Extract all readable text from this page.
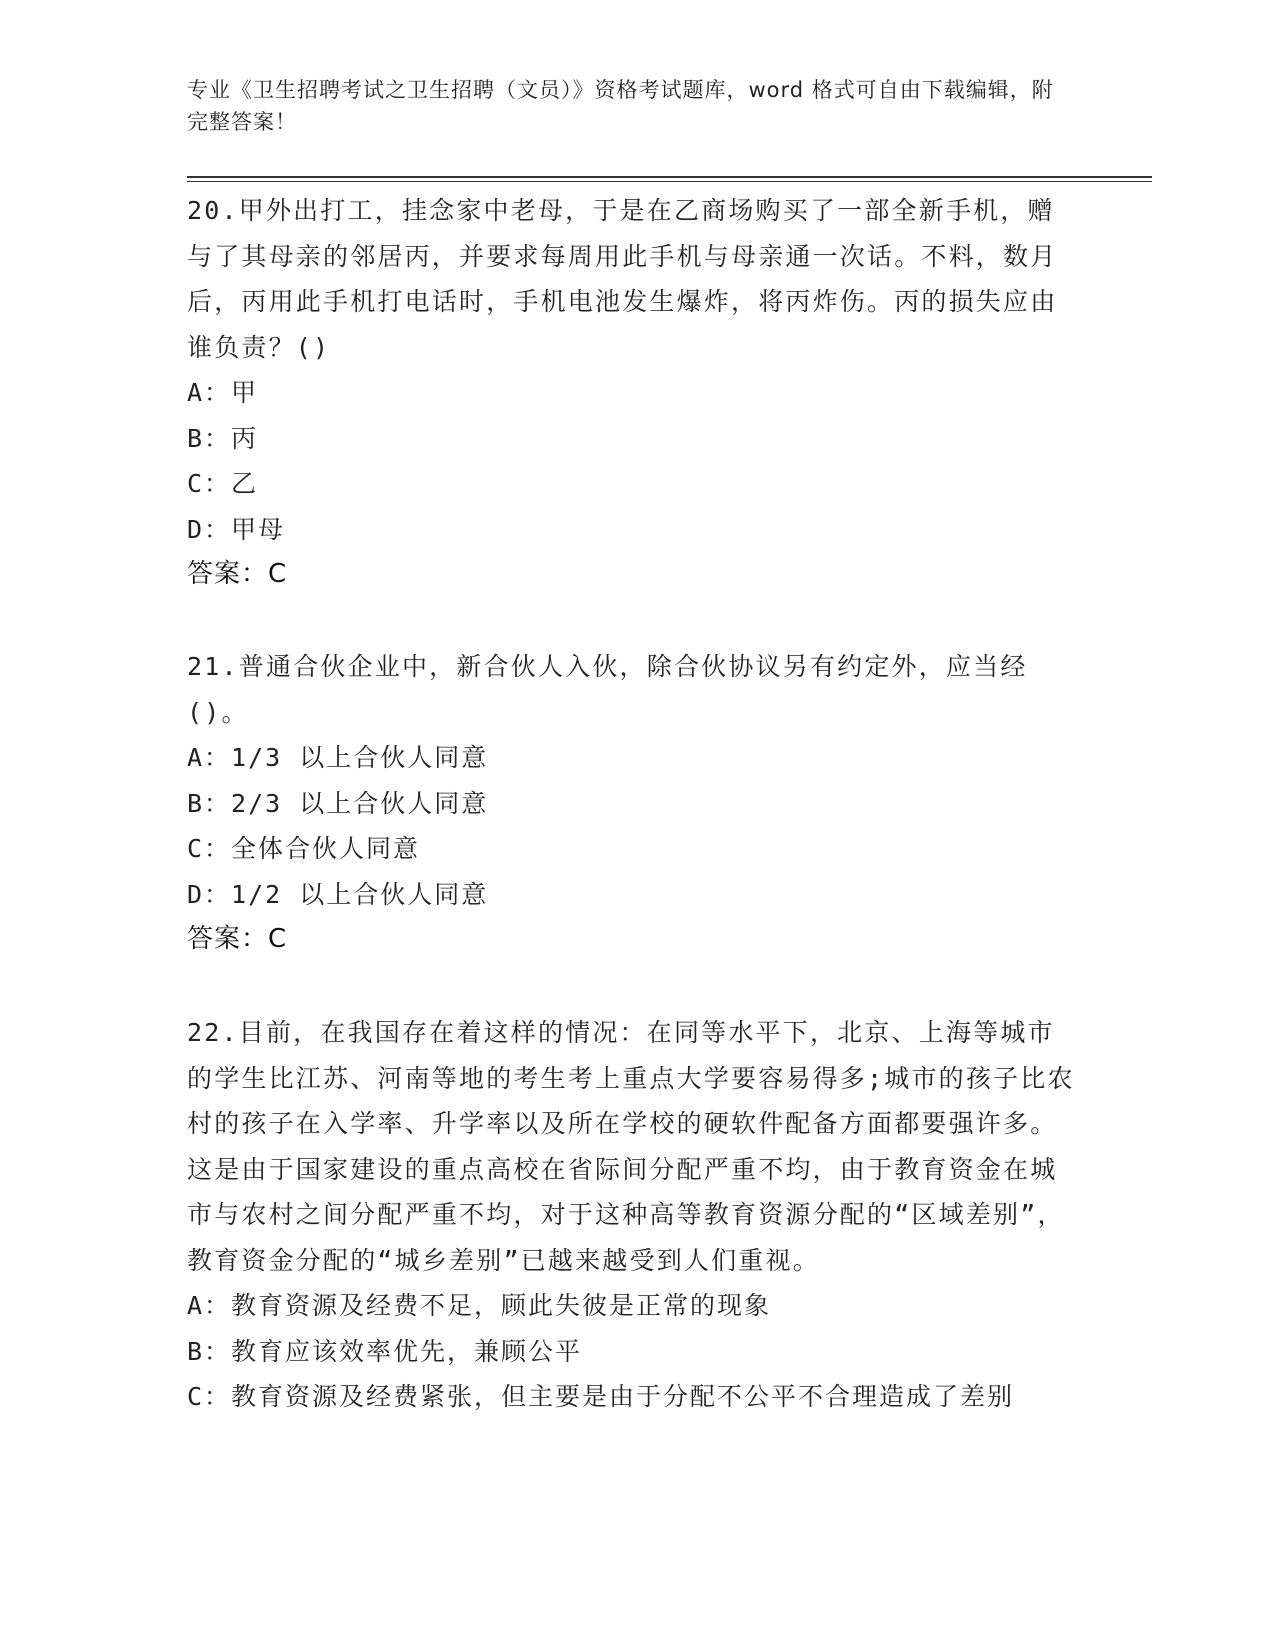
专业《卫生招聘考试之卫生招聘（文员）》资格考试题库，word 格式可自由下载编辑，附完整答案！
20.甲外出打工，挂念家中老母，于是在乙商场购买了一部全新手机，赠与了其母亲的邻居丙，并要求每周用此手机与母亲通一次话。不料，数月后，丙用此手机打电话时，手机电池发生爆炸，将丙炸伤。丙的损失应由谁负责？()
A：甲
B：丙
C：乙
D：甲母
答案：C
21.普通合伙企业中，新合伙人入伙，除合伙协议另有约定外，应当经()。
A：1/3 以上合伙人同意
B：2/3 以上合伙人同意
C：全体合伙人同意
D：1/2 以上合伙人同意
答案：C
22.目前，在我国存在着这样的情况：在同等水平下，北京、上海等城市的学生比江苏、河南等地的考生考上重点大学要容易得多;城市的孩子比农村的孩子在入学率、升学率以及所在学校的硬软件配备方面都要强许多。这是由于国家建设的重点高校在省际间分配严重不均，由于教育资金在城市与农村之间分配严重不均，对于这种高等教育资源分配的“区域差别”，教育资金分配的“城乡差别”已越来越受到人们重视。
A：教育资源及经费不足，顾此失彼是正常的现象
B：教育应该效率优先，兼顾公平
C：教育资源及经费紧张，但主要是由于分配不公平不合理造成了差别
